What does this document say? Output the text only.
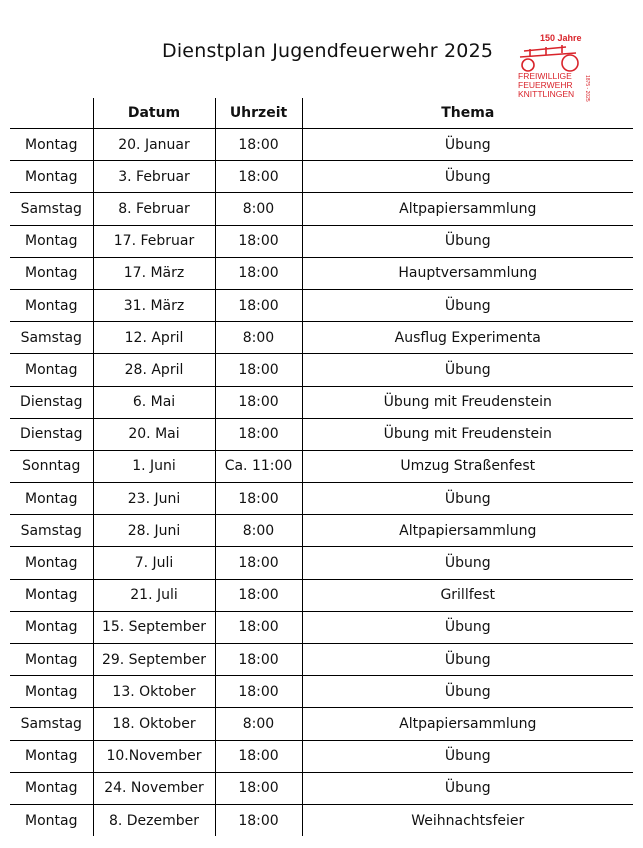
Dienstplan Jugendfeuerwehr 2025
150 Jahre
FREIWILLIGE
FEUERWEHR
KNITTLINGEN 1875 - 2025
	Datum	Uhrzeit	Thema
Montag	20. Januar	18:00	Übung
Montag	3. Februar	18:00	Übung
Samstag	8. Februar	8:00	Altpapiersammlung
Montag	17. Februar	18:00	Übung
Montag	17. März	18:00	Hauptversammlung
Montag	31. März	18:00	Übung
Samstag	12. April	8:00	Ausflug Experimenta
Montag	28. April	18:00	Übung
Dienstag	6. Mai	18:00	Übung mit Freudenstein
Dienstag	20. Mai	18:00	Übung mit Freudenstein
Sonntag	1. Juni	Ca. 11:00	Umzug Straßenfest
Montag	23. Juni	18:00	Übung
Samstag	28. Juni	8:00	Altpapiersammlung
Montag	7. Juli	18:00	Übung
Montag	21. Juli	18:00	Grillfest
Montag	15. September	18:00	Übung
Montag	29. September	18:00	Übung
Montag	13. Oktober	18:00	Übung
Samstag	18. Oktober	8:00	Altpapiersammlung
Montag	10.November	18:00	Übung
Montag	24. November	18:00	Übung
Montag	8. Dezember	18:00	Weihnachtsfeier
